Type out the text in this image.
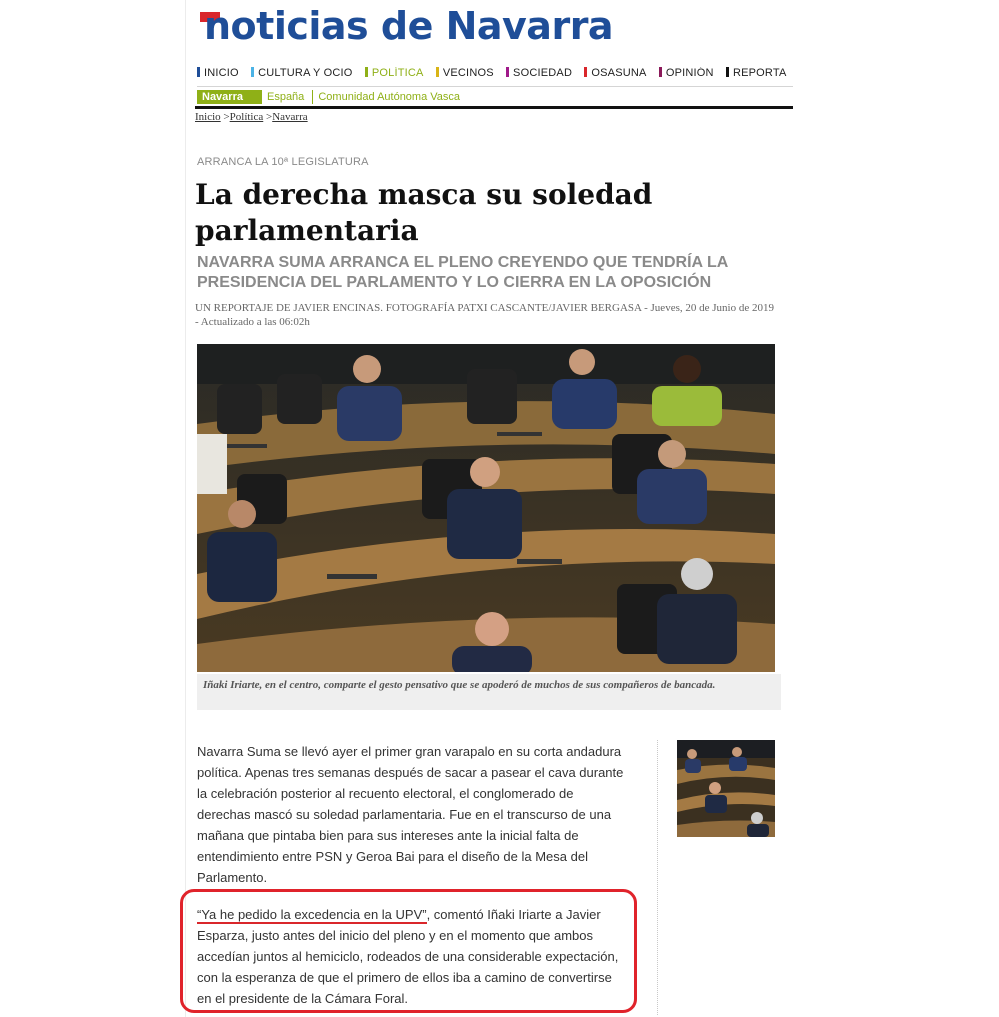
noticias de Navarra
INICIO CULTURA Y OCIO POLÍTICA VECINOS SOCIEDAD OSASUNA OPINIÓN REPORTA
Navarra España Comunidad Autónoma Vasca
Inicio >Política >Navarra
ARRANCA LA 10ª LEGISLATURA
La derecha masca su soledad parlamentaria
NAVARRA SUMA ARRANCA EL PLENO CREYENDO QUE TENDRÍA LA PRESIDENCIA DEL PARLAMENTO Y LO CIERRA EN LA OPOSICIÓN
UN REPORTAJE DE JAVIER ENCINAS. FOTOGRAFÍA PATXI CASCANTE/JAVIER BERGASA - Jueves, 20 de Junio de 2019 - Actualizado a las 06:02h
Iñaki Iriarte, en el centro, comparte el gesto pensativo que se apoderó de muchos de sus compañeros de bancada.

Navarra Suma se llevó ayer el primer gran varapalo en su corta andadura política. Apenas tres semanas después de sacar a pasear el cava durante la celebración posterior al recuento electoral, el conglomerado de derechas mascó su soledad parlamentaria. Fue en el transcurso de una mañana que pintaba bien para sus intereses ante la inicial falta de entendimiento entre PSN y Geroa Bai para el diseño de la Mesa del Parlamento.

“Ya he pedido la excedencia en la UPV”, comentó Iñaki Iriarte a Javier Esparza, justo antes del inicio del pleno y en el momento que ambos accedían juntos al hemiciclo, rodeados de una considerable expectación, con la esperanza de que el primero de ellos iba a camino de convertirse en el presidente de la Cámara Foral.
